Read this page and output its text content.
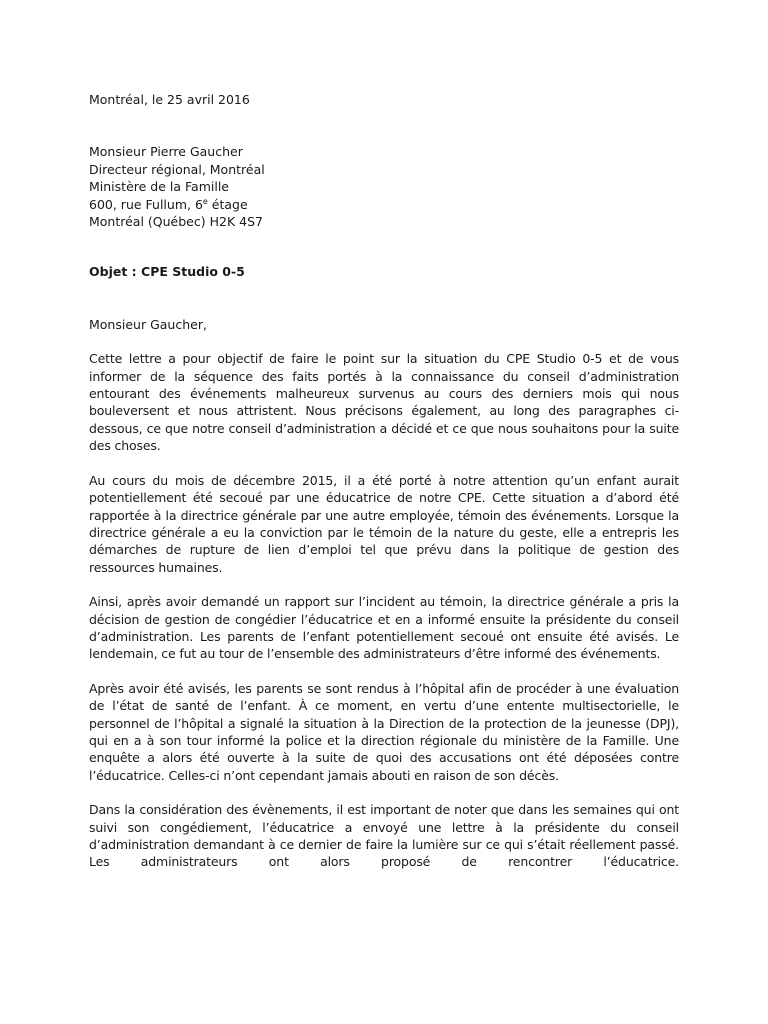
Montréal, le 25 avril 2016
Monsieur Pierre Gaucher
Directeur régional, Montréal
Ministère de la Famille
600, rue Fullum, 6e étage
Montréal (Québec) H2K 4S7
Objet : CPE Studio 0-5
Monsieur Gaucher,

Cette lettre a pour objectif de faire le point sur la situation du CPE Studio 0-5 et de vous informer de la séquence des faits portés à la connaissance du conseil d’administration entourant des événements malheureux survenus au cours des derniers mois qui nous bouleversent et nous attristent. Nous précisons également, au long des paragraphes ci-dessous, ce que notre conseil d’administration a décidé et ce que nous souhaitons pour la suite des choses.

Au cours du mois de décembre 2015, il a été porté à notre attention qu’un enfant aurait potentiellement été secoué par une éducatrice de notre CPE. Cette situation a d’abord été rapportée à la directrice générale par une autre employée, témoin des événements. Lorsque la directrice générale a eu la conviction par le témoin de la nature du geste, elle a entrepris les démarches de rupture de lien d’emploi tel que prévu dans la politique de gestion des ressources humaines.

Ainsi, après avoir demandé un rapport sur l’incident au témoin, la directrice générale a pris la décision de gestion de congédier l’éducatrice et en a informé ensuite la présidente du conseil d’administration. Les parents de l’enfant potentiellement secoué ont ensuite été avisés. Le lendemain, ce fut au tour de l’ensemble des administrateurs d’être informé des événements.

Après avoir été avisés, les parents se sont rendus à l’hôpital afin de procéder à une évaluation de l’état de santé de l’enfant. À ce moment, en vertu d’une entente multisectorielle, le personnel de l’hôpital a signalé la situation à la Direction de la protection de la jeunesse (DPJ), qui en a à son tour informé la police et la direction régionale du ministère de la Famille. Une enquête a alors été ouverte à la suite de quoi des accusations ont été déposées contre l’éducatrice. Celles-ci n’ont cependant jamais abouti en raison de son décès.

Dans la considération des évènements, il est important de noter que dans les semaines qui ont suivi son congédiement, l’éducatrice a envoyé une lettre à la présidente du conseil d’administration demandant à ce dernier de faire la lumière sur ce qui s’était réellement passé. Les administrateurs ont alors proposé de rencontrer l’éducatrice.
